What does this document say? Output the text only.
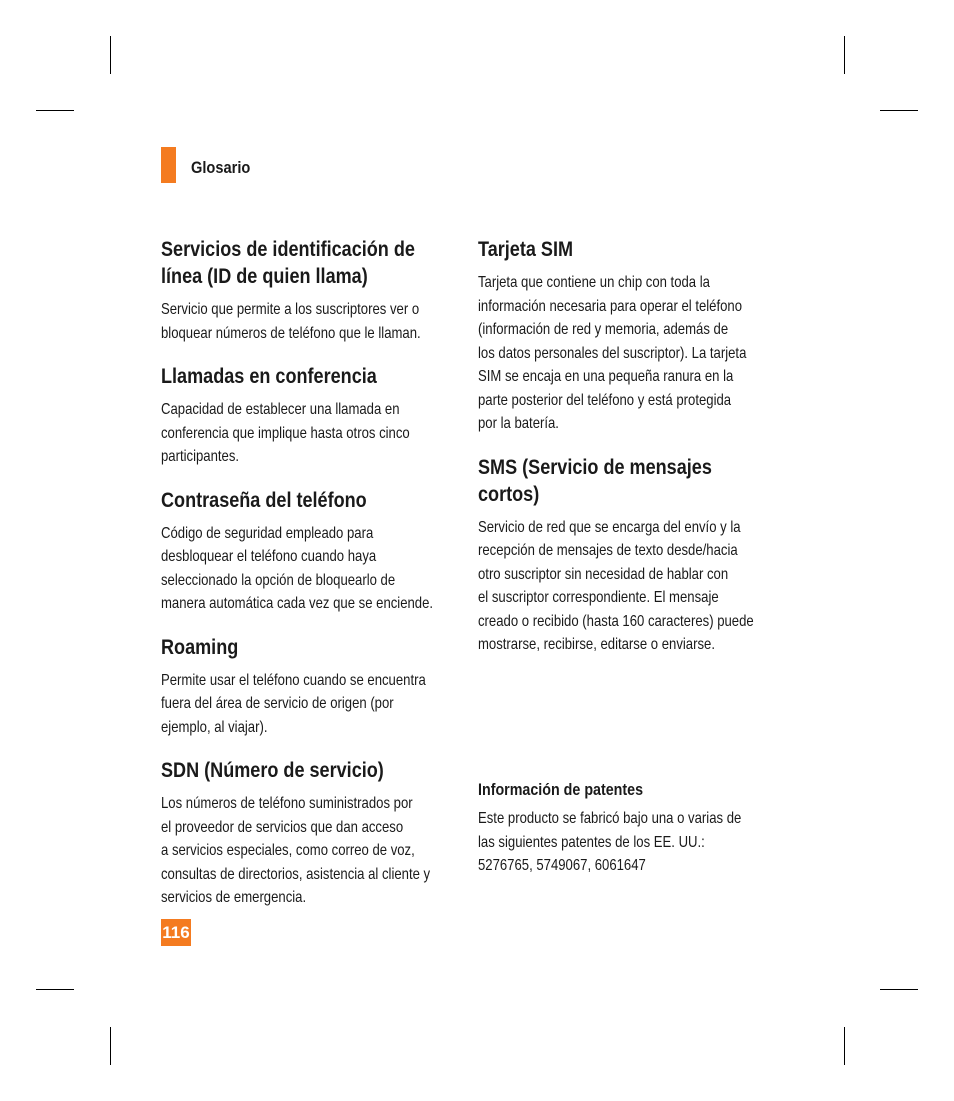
Glosario
Servicios de identificación de
línea (ID de quien llama)

Servicio que permite a los suscriptores ver o
bloquear números de teléfono que le llaman.

Llamadas en conferencia

Capacidad de establecer una llamada en
conferencia que implique hasta otros cinco
participantes.

Contraseña del teléfono

Código de seguridad empleado para
desbloquear el teléfono cuando haya
seleccionado la opción de bloquearlo de
manera automática cada vez que se enciende.

Roaming

Permite usar el teléfono cuando se encuentra
fuera del área de servicio de origen (por
ejemplo, al viajar).

SDN (Número de servicio)

Los números de teléfono suministrados por
el proveedor de servicios que dan acceso
a servicios especiales, como correo de voz,
consultas de directorios, asistencia al cliente y
servicios de emergencia.

Tarjeta SIM

Tarjeta que contiene un chip con toda la
información necesaria para operar el teléfono
(información de red y memoria, además de
los datos personales del suscriptor). La tarjeta
SIM se encaja en una pequeña ranura en la
parte posterior del teléfono y está protegida
por la batería.

SMS (Servicio de mensajes
cortos)

Servicio de red que se encarga del envío y la
recepción de mensajes de texto desde/hacia
otro suscriptor sin necesidad de hablar con
el suscriptor correspondiente. El mensaje
creado o recibido (hasta 160 caracteres) puede
mostrarse, recibirse, editarse o enviarse.

Información de patentes

Este producto se fabricó bajo una o varias de
las siguientes patentes de los EE. UU.:
5276765, 5749067, 6061647

116
